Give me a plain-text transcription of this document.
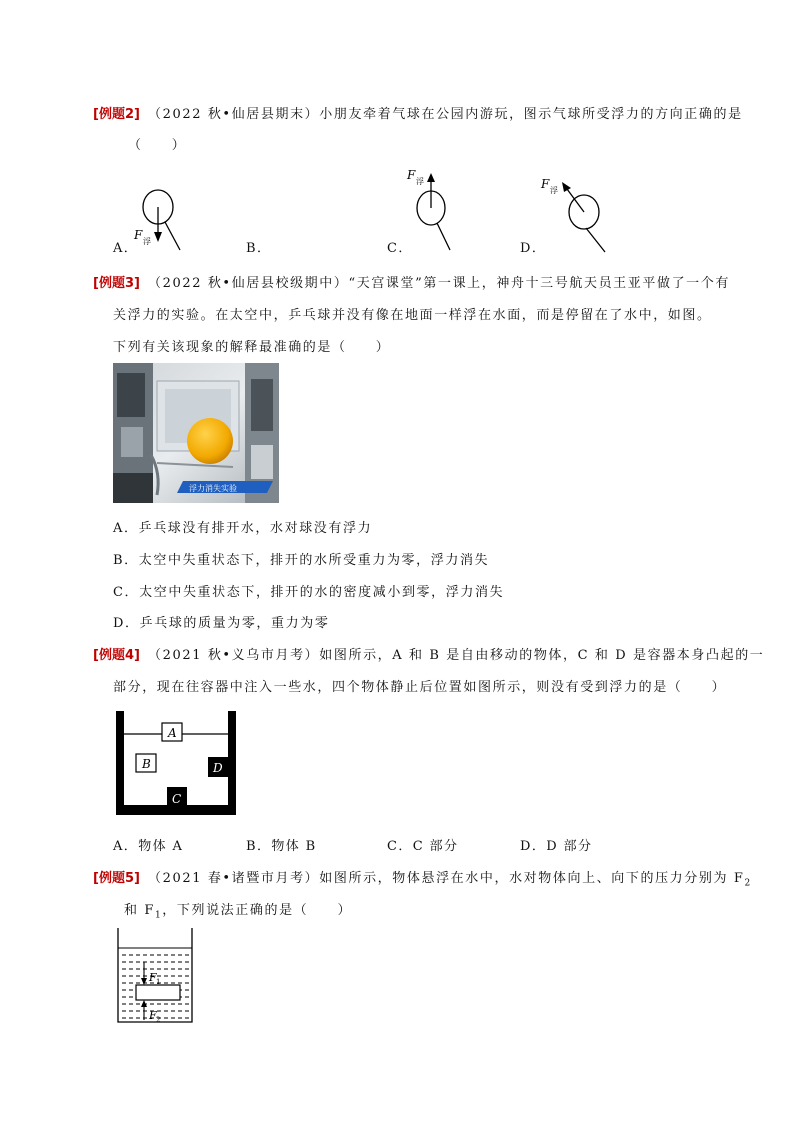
[例题2] （2022 秋•仙居县期末）小朋友牵着气球在公园内游玩，图示气球所受浮力的方向正确的是
（　　）
F 浮
F 浮	F 浮
A．	B．	C．	D．
[例题3] （2022 秋•仙居县校级期中）“天宫课堂”第一课上，神舟十三号航天员王亚平做了一个有
关浮力的实验。在太空中，乒乓球并没有像在地面一样浮在水面，而是停留在了水中，如图。
下列有关该现象的解释最准确的是（　　）
浮力消失实验
A．乒乓球没有排开水，水对球没有浮力
B．太空中失重状态下，排开的水所受重力为零，浮力消失
C．太空中失重状态下，排开的水的密度减小到零，浮力消失
D．乒乓球的质量为零，重力为零
[例题4] （2021 秋•义乌市月考）如图所示，A 和 B 是自由移动的物体，C 和 D 是容器本身凸起的一
部分，现在往容器中注入一些水，四个物体静止后位置如图所示，则没有受到浮力的是（　　）
A
B	D
C
A．物体 A	B．物体 B	C．C 部分	D．D 部分
[例题5] （2021 春•诸暨市月考）如图所示，物体悬浮在水中，水对物体向上、向下的压力分别为 $F_2$
和 $F_1$，下列说法正确的是（　　）
F 1
F 2
